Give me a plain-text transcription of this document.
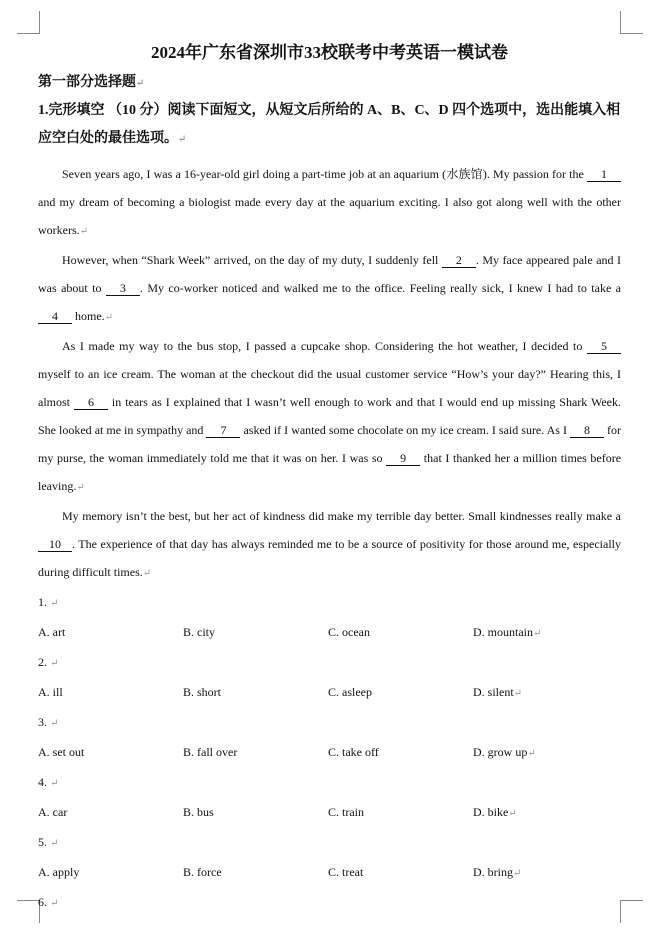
2024年广东省深圳市33校联考中考英语一模试卷
第一部分选择题↵
1.完形填空 （10 分）阅读下面短文，从短文后所给的 A、B、C、D 四个选项中，选出能填入相应空白处的最佳选项。↵

Seven years ago, I was a 16-year-old girl doing a part-time job at an aquarium (水族馆). My passion for the 1 and my dream of becoming a biologist made every day at the aquarium exciting. I also got along well with the other workers.↵

However, when “Shark Week” arrived, on the day of my duty, I suddenly fell 2 . My face appeared pale and I was about to 3 . My co-worker noticed and walked me to the office. Feeling really sick, I knew I had to take a 4 home.↵

As I made my way to the bus stop, I passed a cupcake shop. Considering the hot weather, I decided to 5 myself to an ice cream. The woman at the checkout did the usual customer service “How’s your day?” Hearing this, I almost 6 in tears as I explained that I wasn’t well enough to work and that I would end up missing Shark Week. She looked at me in sympathy and 7 asked if I wanted some chocolate on my ice cream. I said sure. As I 8 for my purse, the woman immediately told me that it was on her. I was so 9 that I thanked her a million times before leaving.↵

My memory isn’t the best, but her act of kindness did make my terrible day better. Small kindnesses really make a 10 . The experience of that day has always reminded me to be a source of positivity for those around me, especially during difficult times.↵

1. ↵

A. art	B. city	C. ocean	D. mountain↵

2. ↵

A. ill	B. short	C. asleep	D. silent↵

3. ↵

A. set out	B. fall over	C. take off	D. grow up↵

4. ↵

A. car	B. bus	C. train	D. bike↵

5. ↵

A. apply	B. force	C. treat	D. bring↵

6. ↵
